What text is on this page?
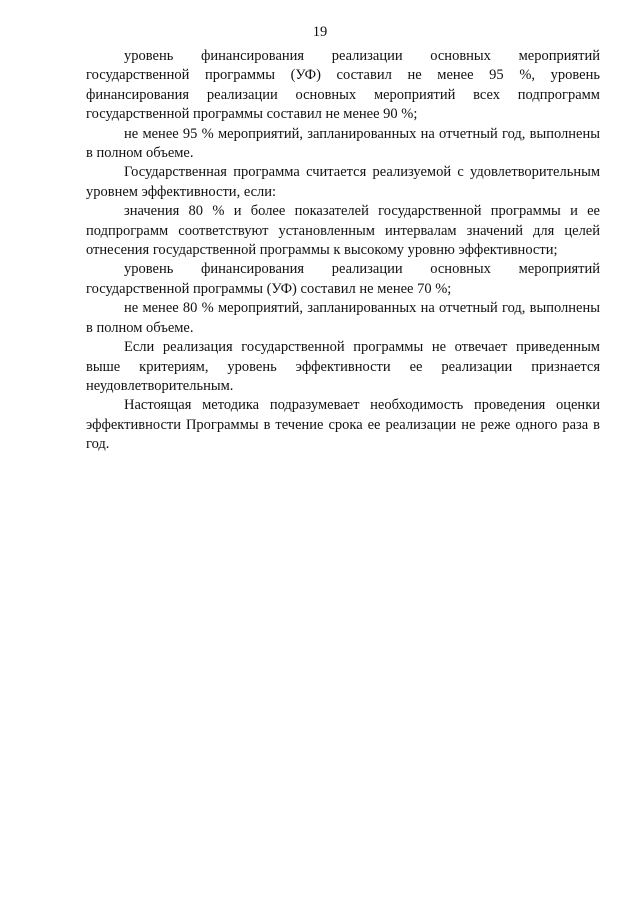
19

уровень финансирования реализации основных мероприятий государственной программы (УФ) составил не менее 95 %, уровень финансирования реализации основных мероприятий всех подпрограмм государственной программы составил не менее 90 %;

не менее 95 % мероприятий, запланированных на отчетный год, выполнены в полном объеме.

Государственная программа считается реализуемой с удовлетворительным уровнем эффективности, если:

значения 80 % и более показателей государственной программы и ее подпрограмм соответствуют установленным интервалам значений для целей отнесения государственной программы к высокому уровню эффективности;

уровень финансирования реализации основных мероприятий государственной программы (УФ) составил не менее 70 %;

не менее 80 % мероприятий, запланированных на отчетный год, выполнены в полном объеме.

Если реализация государственной программы не отвечает приведенным выше критериям, уровень эффективности ее реализации признается неудовлетворительным.

Настоящая методика подразумевает необходимость проведения оценки эффективности Программы в течение срока ее реализации не реже одного раза в год.
